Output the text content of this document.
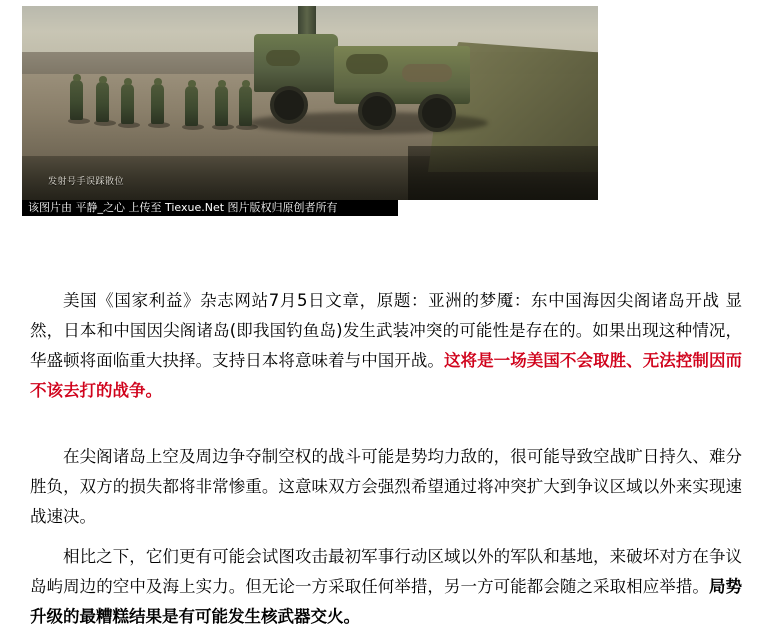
发射号手误踩散位
该图片由 平静_之心 上传至 Tiexue.Net 图片版权归原创者所有

美国《国家利益》杂志网站7月5日文章，原题：亚洲的梦魇：东中国海因尖阁诸岛开战 显然，日本和中国因尖阁诸岛(即我国钓鱼岛)发生武装冲突的可能性是存在的。如果出现这种情况，华盛顿将面临重大抉择。支持日本将意味着与中国开战。这将是一场美国不会取胜、无法控制因而不该去打的战争。

在尖阁诸岛上空及周边争夺制空权的战斗可能是势均力敌的，很可能导致空战旷日持久、难分胜负，双方的损失都将非常惨重。这意味双方会强烈希望通过将冲突扩大到争议区域以外来实现速战速决。

相比之下，它们更有可能会试图攻击最初军事行动区域以外的军队和基地，来破坏对方在争议岛屿周边的空中及海上实力。但无论一方采取任何举措，另一方可能都会随之采取相应举措。局势升级的最糟糕结果是有可能发生核武器交火。
